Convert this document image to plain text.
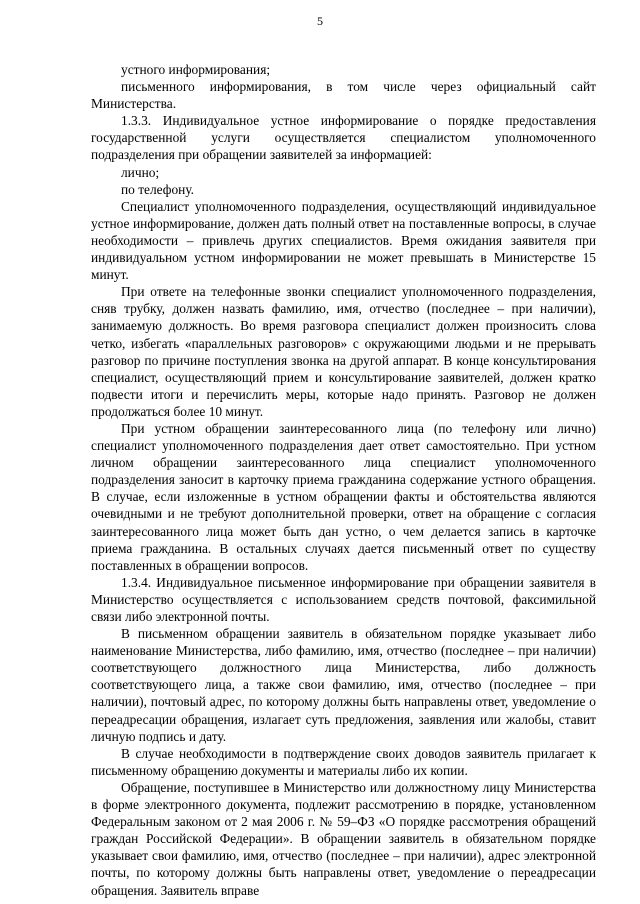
5

устного информирования;

письменного информирования, в том числе через официальный сайт Министерства.

1.3.3. Индивидуальное устное информирование о порядке предоставления государственной услуги осуществляется специалистом уполномоченного подразделения при обращении заявителей за информацией:

лично;

по телефону.

Специалист уполномоченного подразделения, осуществляющий индивидуальное устное информирование, должен дать полный ответ на поставленные вопросы, в случае необходимости – привлечь других специалистов. Время ожидания заявителя при индивидуальном устном информировании не может превышать в Министерстве 15 минут.

При ответе на телефонные звонки специалист уполномоченного подразделения, сняв трубку, должен назвать фамилию, имя, отчество (последнее – при наличии), занимаемую должность. Во время разговора специалист должен произносить слова четко, избегать «параллельных разговоров» с окружающими людьми и не прерывать разговор по причине поступления звонка на другой аппарат. В конце консультирования специалист, осуществляющий прием и консультирование заявителей, должен кратко подвести итоги и перечислить меры, которые надо принять. Разговор не должен продолжаться более 10 минут.

При устном обращении заинтересованного лица (по телефону или лично) специалист уполномоченного подразделения дает ответ самостоятельно. При устном личном обращении заинтересованного лица специалист уполномоченного подразделения заносит в карточку приема гражданина содержание устного обращения. В случае, если изложенные в устном обращении факты и обстоятельства являются очевидными и не требуют дополнительной проверки, ответ на обращение с согласия заинтересованного лица может быть дан устно, о чем делается запись в карточке приема гражданина. В остальных случаях дается письменный ответ по существу поставленных в обращении вопросов.

1.3.4. Индивидуальное письменное информирование при обращении заявителя в Министерство осуществляется с использованием средств почтовой, факсимильной связи либо электронной почты.

В письменном обращении заявитель в обязательном порядке указывает либо наименование Министерства, либо фамилию, имя, отчество (последнее – при наличии) соответствующего должностного лица Министерства, либо должность соответствующего лица, а также свои фамилию, имя, отчество (последнее – при наличии), почтовый адрес, по которому должны быть направлены ответ, уведомление о переадресации обращения, излагает суть предложения, заявления или жалобы, ставит личную подпись и дату.

В случае необходимости в подтверждение своих доводов заявитель прилагает к письменному обращению документы и материалы либо их копии.

Обращение, поступившее в Министерство или должностному лицу Министерства в форме электронного документа, подлежит рассмотрению в порядке, установленном Федеральным законом от 2 мая 2006 г. № 59–ФЗ «О порядке рассмотрения обращений граждан Российской Федерации». В обращении заявитель в обязательном порядке указывает свои фамилию, имя, отчество (последнее – при наличии), адрес электронной почты, по которому должны быть направлены ответ, уведомление о переадресации обращения. Заявитель вправе
